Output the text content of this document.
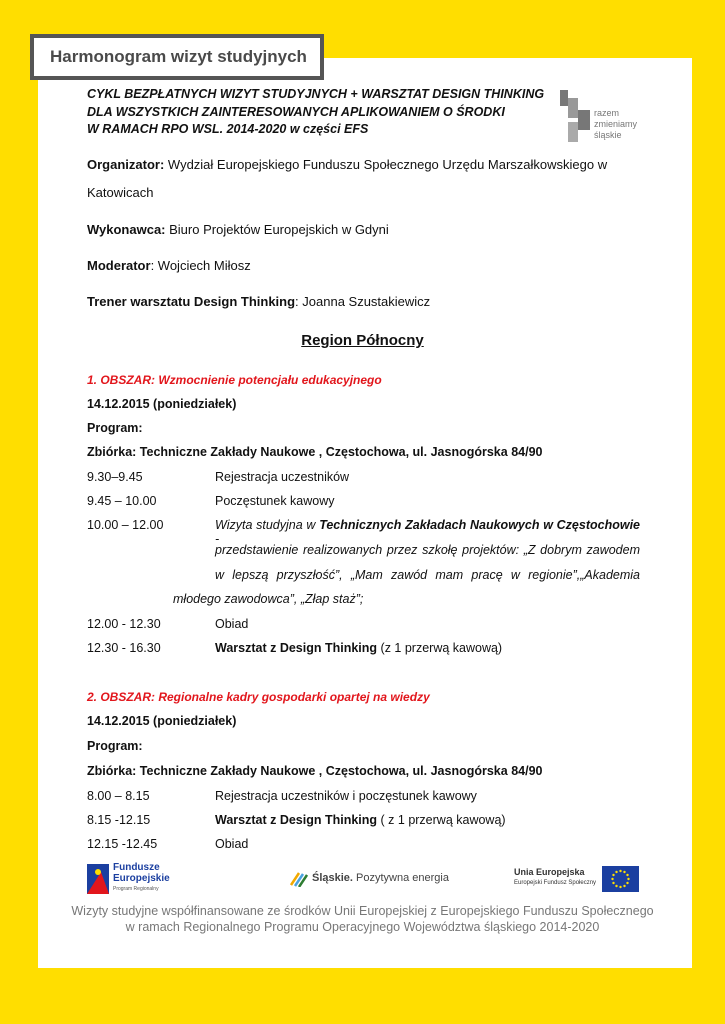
Harmonogram wizyt studyjnych
CYKL BEZPŁATNYCH WIZYT STUDYJNYCH + WARSZTAT DESIGN THINKING
DLA WSZYSTKICH ZAINTERESOWANYCH APLIKOWANIEM O ŚRODKI
W RAMACH RPO WSL. 2014-2020 w części EFS
razem
zmieniamy
śląskie
Organizator: Wydział Europejskiego Funduszu Społecznego Urzędu Marszałkowskiego w
Katowicach
Wykonawca: Biuro Projektów Europejskich w Gdyni
Moderator: Wojciech Miłosz
Trener warsztatu Design Thinking: Joanna Szustakiewicz
Region Północny
1. OBSZAR: Wzmocnienie potencjału edukacyjnego
14.12.2015 (poniedziałek)
Program:
Zbiórka: Techniczne Zakłady Naukowe , Częstochowa, ul. Jasnogórska 84/90
9.30–9.45	Rejestracja uczestników
9.45 – 10.00	Poczęstunek kawowy
10.00 – 12.00	Wizyta studyjna w Technicznych Zakładach Naukowych w Częstochowie -
przedstawienie realizowanych przez szkołę projektów: „Z dobrym zawodem
w lepszą przyszłość”, „Mam zawód mam pracę w regionie”,„Akademia
młodego zawodowca”, „Złap staż”;
12.00 - 12.30	Obiad
12.30 - 16.30	Warsztat z Design Thinking (z 1 przerwą kawową)
2. OBSZAR: Regionalne kadry gospodarki opartej na wiedzy
14.12.2015 (poniedziałek)
Program:
Zbiórka: Techniczne Zakłady Naukowe , Częstochowa, ul. Jasnogórska 84/90
8.00 – 8.15	Rejestracja uczestników i poczęstunek kawowy
8.15 -12.15	Warsztat z Design Thinking ( z 1 przerwą kawową)
12.15 -12.45	Obiad
Fundusze
Europejskie
Program Regionalny
Śląskie. Pozytywna energia	Unia Europejska
Europejski Fundusz Społeczny
Wizyty studyjne współfinansowane ze środków Unii Europejskiej z Europejskiego Funduszu Społecznego
w ramach Regionalnego Programu Operacyjnego Województwa śląskiego 2014-2020
